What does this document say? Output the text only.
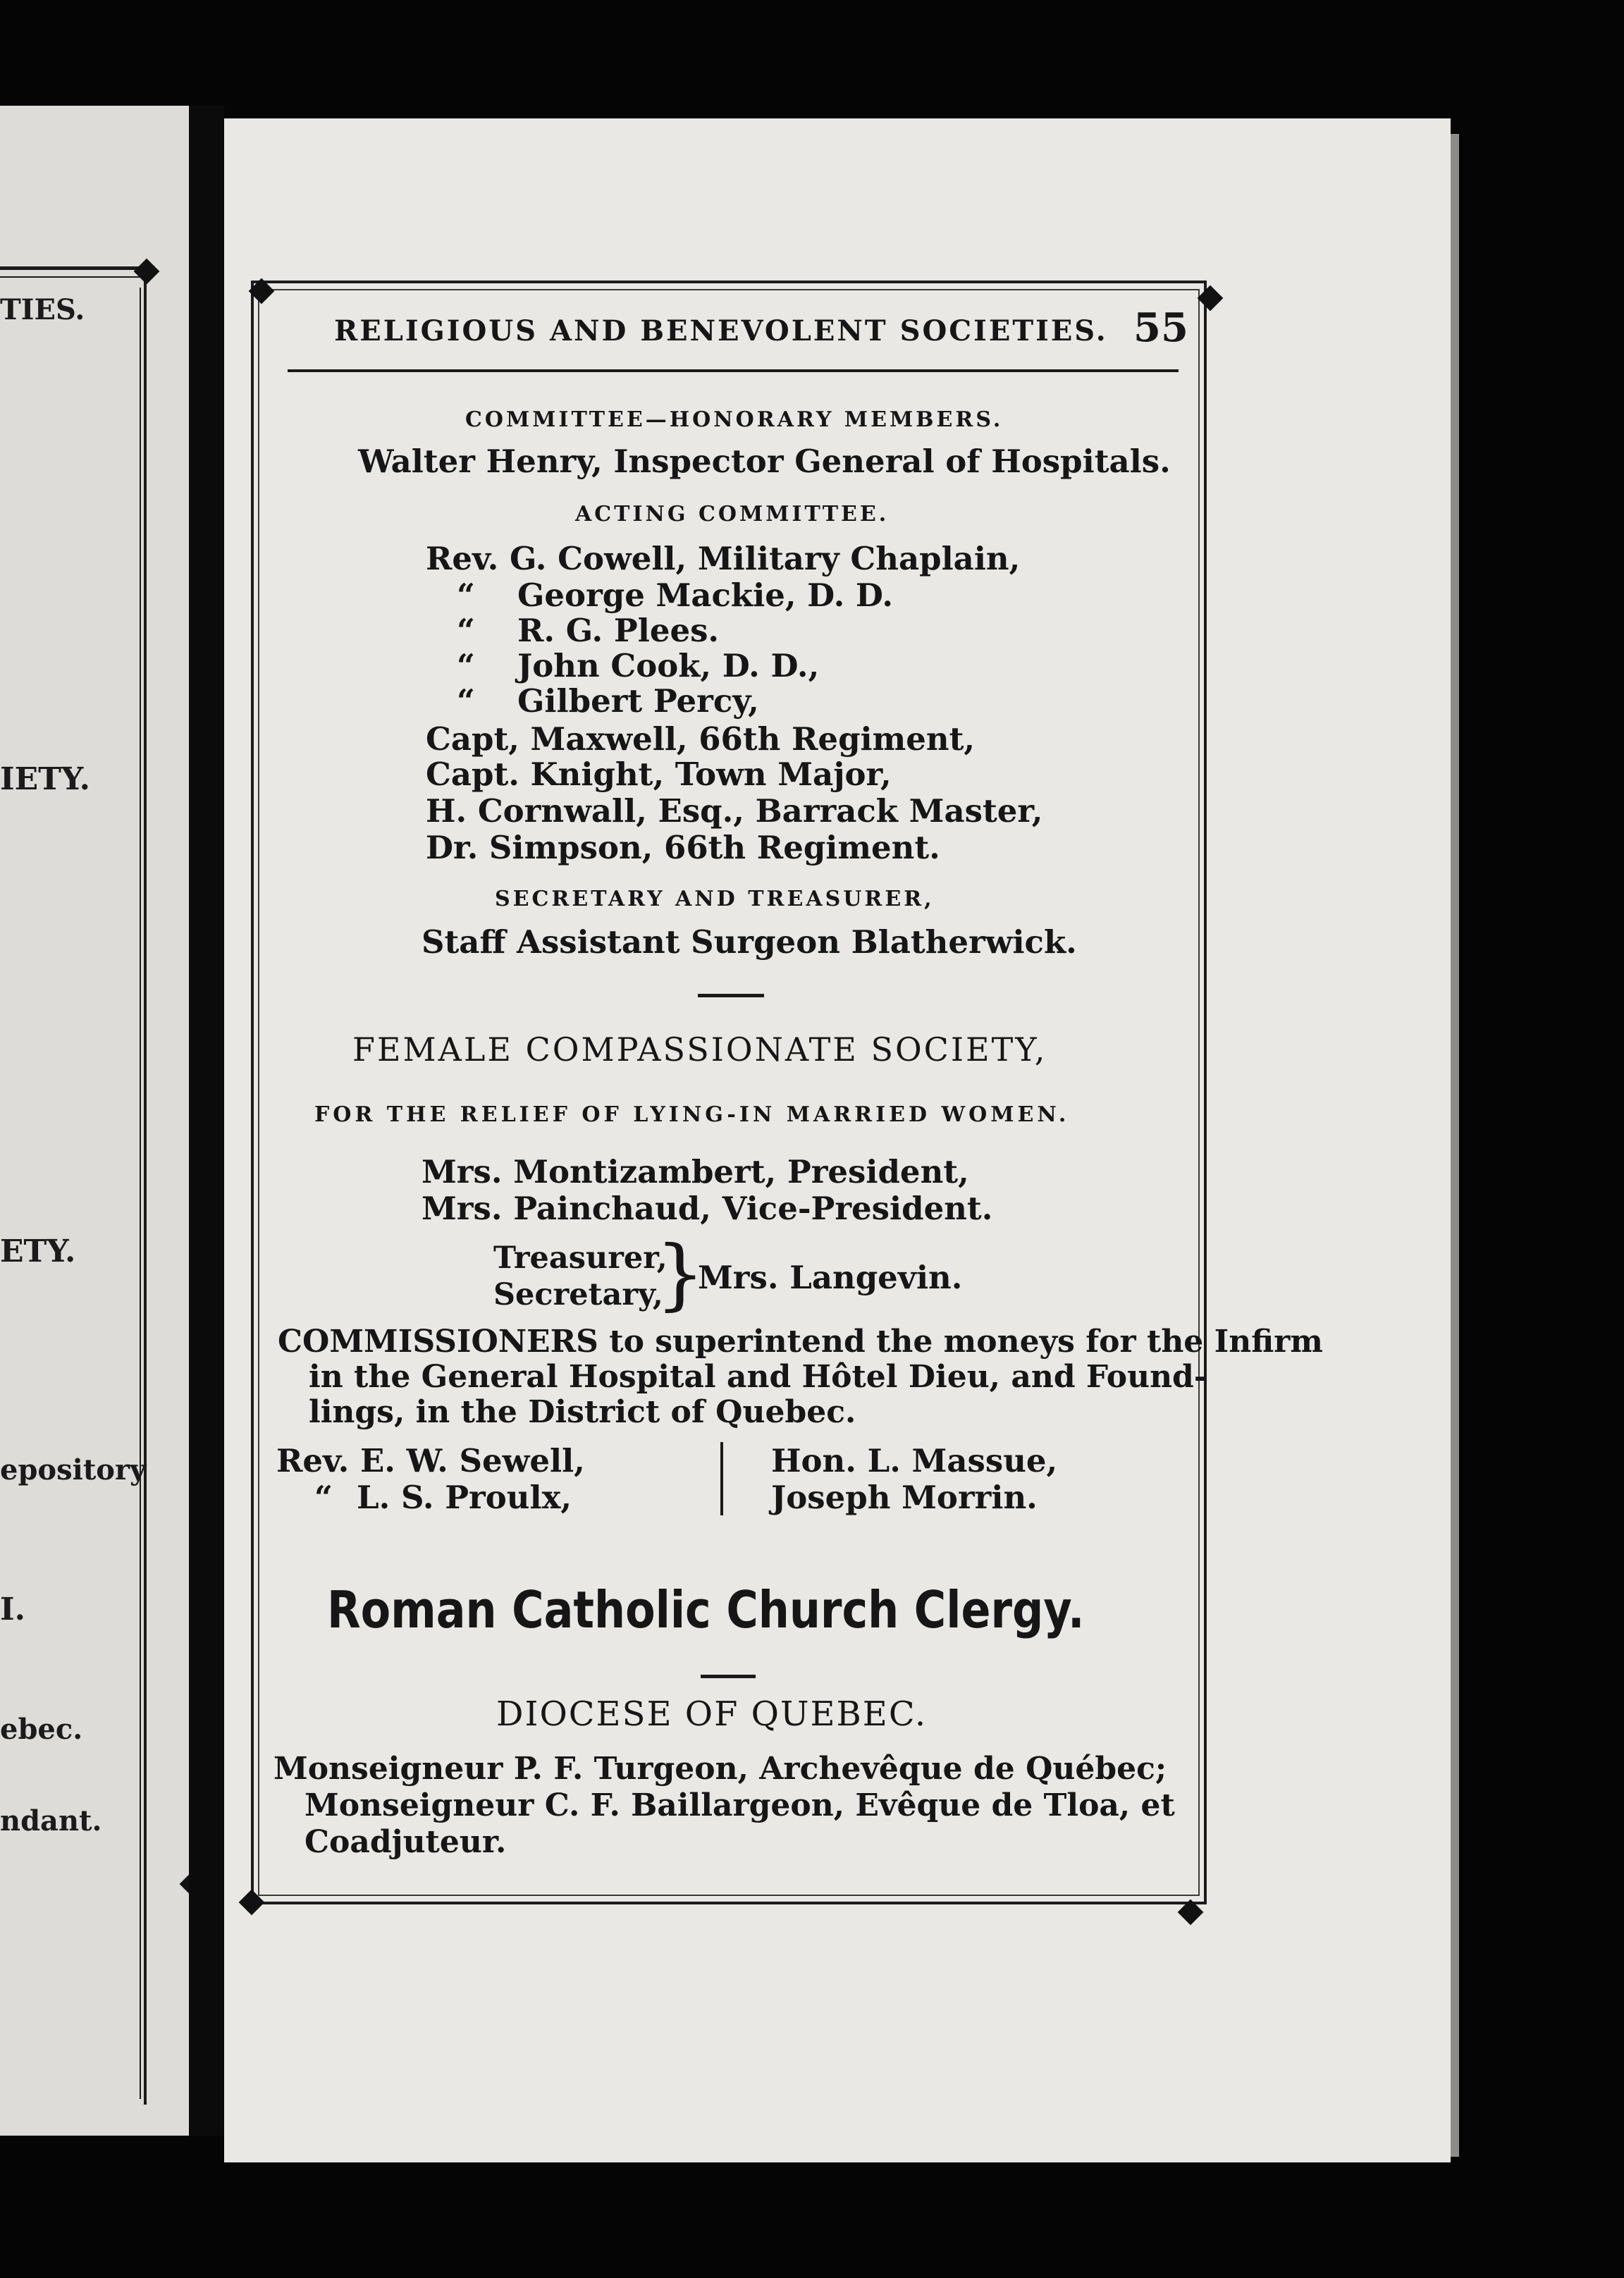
TIES.
IETY.
ETY.
epository
I.
ebec.
ndant.
RELIGIOUS AND BENEVOLENT SOCIETIES. 55
COMMITTEE—HONORARY MEMBERS.
Walter Henry, Inspector General of Hospitals.
ACTING COMMITTEE.
Rev. G. Cowell, Military Chaplain,
“ George Mackie, D. D.
“ R. G. Plees.
“ John Cook, D. D.,
“ Gilbert Percy,
Capt, Maxwell, 66th Regiment,
Capt. Knight, Town Major,
H. Cornwall, Esq., Barrack Master,
Dr. Simpson, 66th Regiment.
SECRETARY AND TREASURER,
Staff Assistant Surgeon Blatherwick.
FEMALE COMPASSIONATE SOCIETY,
FOR THE RELIEF OF LYING-IN MARRIED WOMEN.
Mrs. Montizambert, President,
Mrs. Painchaud, Vice-President.
Treasurer,
Secretary,
}
Mrs. Langevin.
COMMISSIONERS to superintend the moneys for the Infirm
in the General Hospital and Hôtel Dieu, and Found-
lings, in the District of Quebec.
Rev. E. W. Sewell,
“ L. S. Proulx,
Hon. L. Massue,
Joseph Morrin.
Roman Catholic Church Clergy.
DIOCESE OF QUEBEC.
Monseigneur P. F. Turgeon, Archevêque de Québec;
Monseigneur C. F. Baillargeon, Evêque de Tloa, et
Coadjuteur.
